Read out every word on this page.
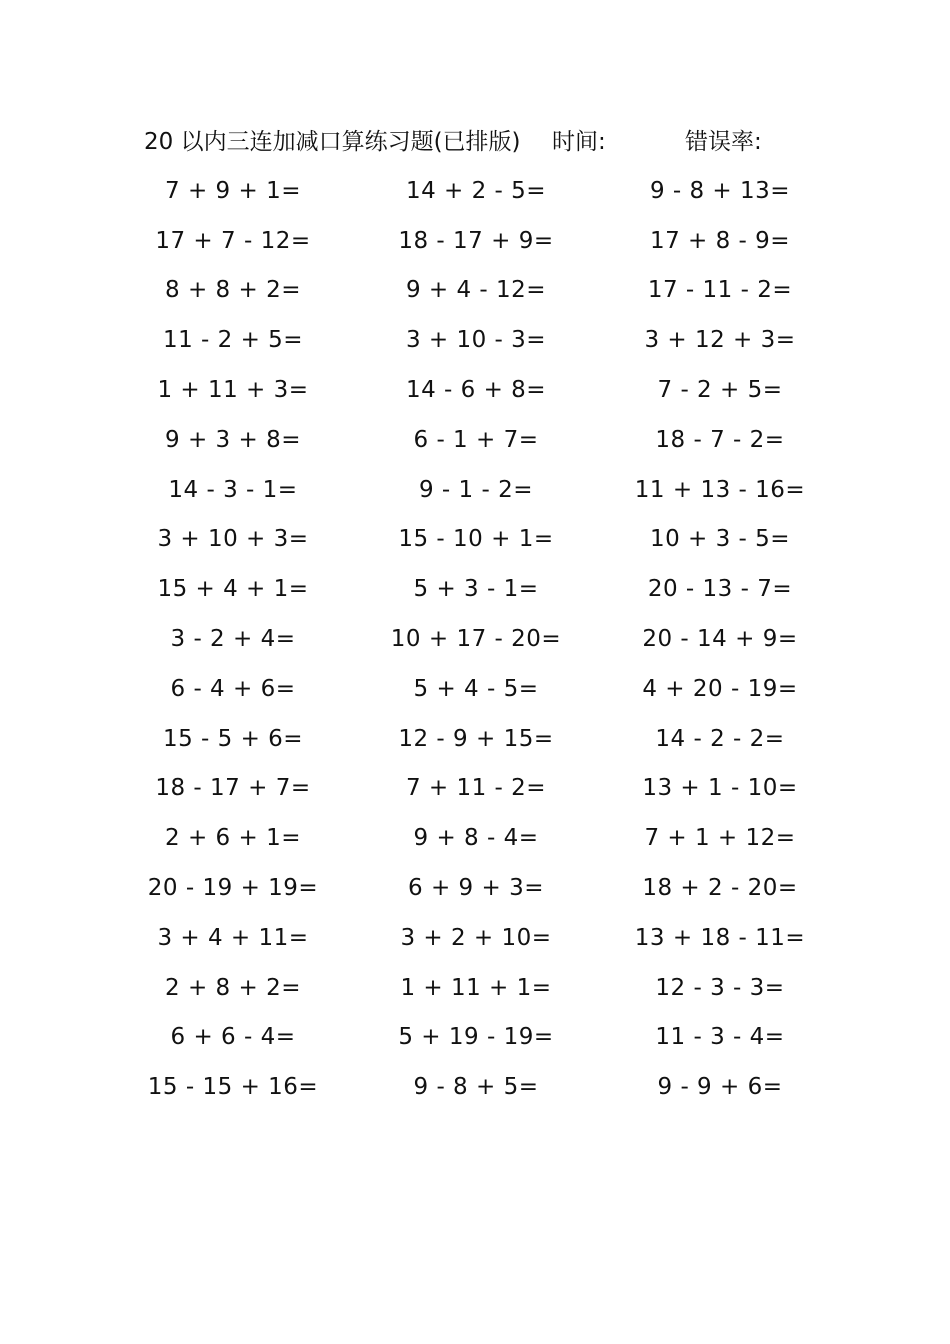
20 以内三连加减口算练习题(已排版) 时间:	错误率:
7 + 9 + 1=	14 + 2 - 5=	9 - 8 + 13=
17 + 7 - 12=	18 - 17 + 9=	17 + 8 - 9=
8 + 8 + 2=	9 + 4 - 12=	17 - 11 - 2=
11 - 2 + 5=	3 + 10 - 3=	3 + 12 + 3=
1 + 11 + 3=	14 - 6 + 8=	7 - 2 + 5=
9 + 3 + 8=	6 - 1 + 7=	18 - 7 - 2=
14 - 3 - 1=	9 - 1 - 2=	11 + 13 - 16=
3 + 10 + 3=	15 - 10 + 1=	10 + 3 - 5=
15 + 4 + 1=	5 + 3 - 1=	20 - 13 - 7=
3 - 2 + 4=	10 + 17 - 20=	20 - 14 + 9=
6 - 4 + 6=	5 + 4 - 5=	4 + 20 - 19=
15 - 5 + 6=	12 - 9 + 15=	14 - 2 - 2=
18 - 17 + 7=	7 + 11 - 2=	13 + 1 - 10=
2 + 6 + 1=	9 + 8 - 4=	7 + 1 + 12=
20 - 19 + 19=	6 + 9 + 3=	18 + 2 - 20=
3 + 4 + 11=	3 + 2 + 10=	13 + 18 - 11=
2 + 8 + 2=	1 + 11 + 1=	12 - 3 - 3=
6 + 6 - 4=	5 + 19 - 19=	11 - 3 - 4=
15 - 15 + 16=	9 - 8 + 5=	9 - 9 + 6=
